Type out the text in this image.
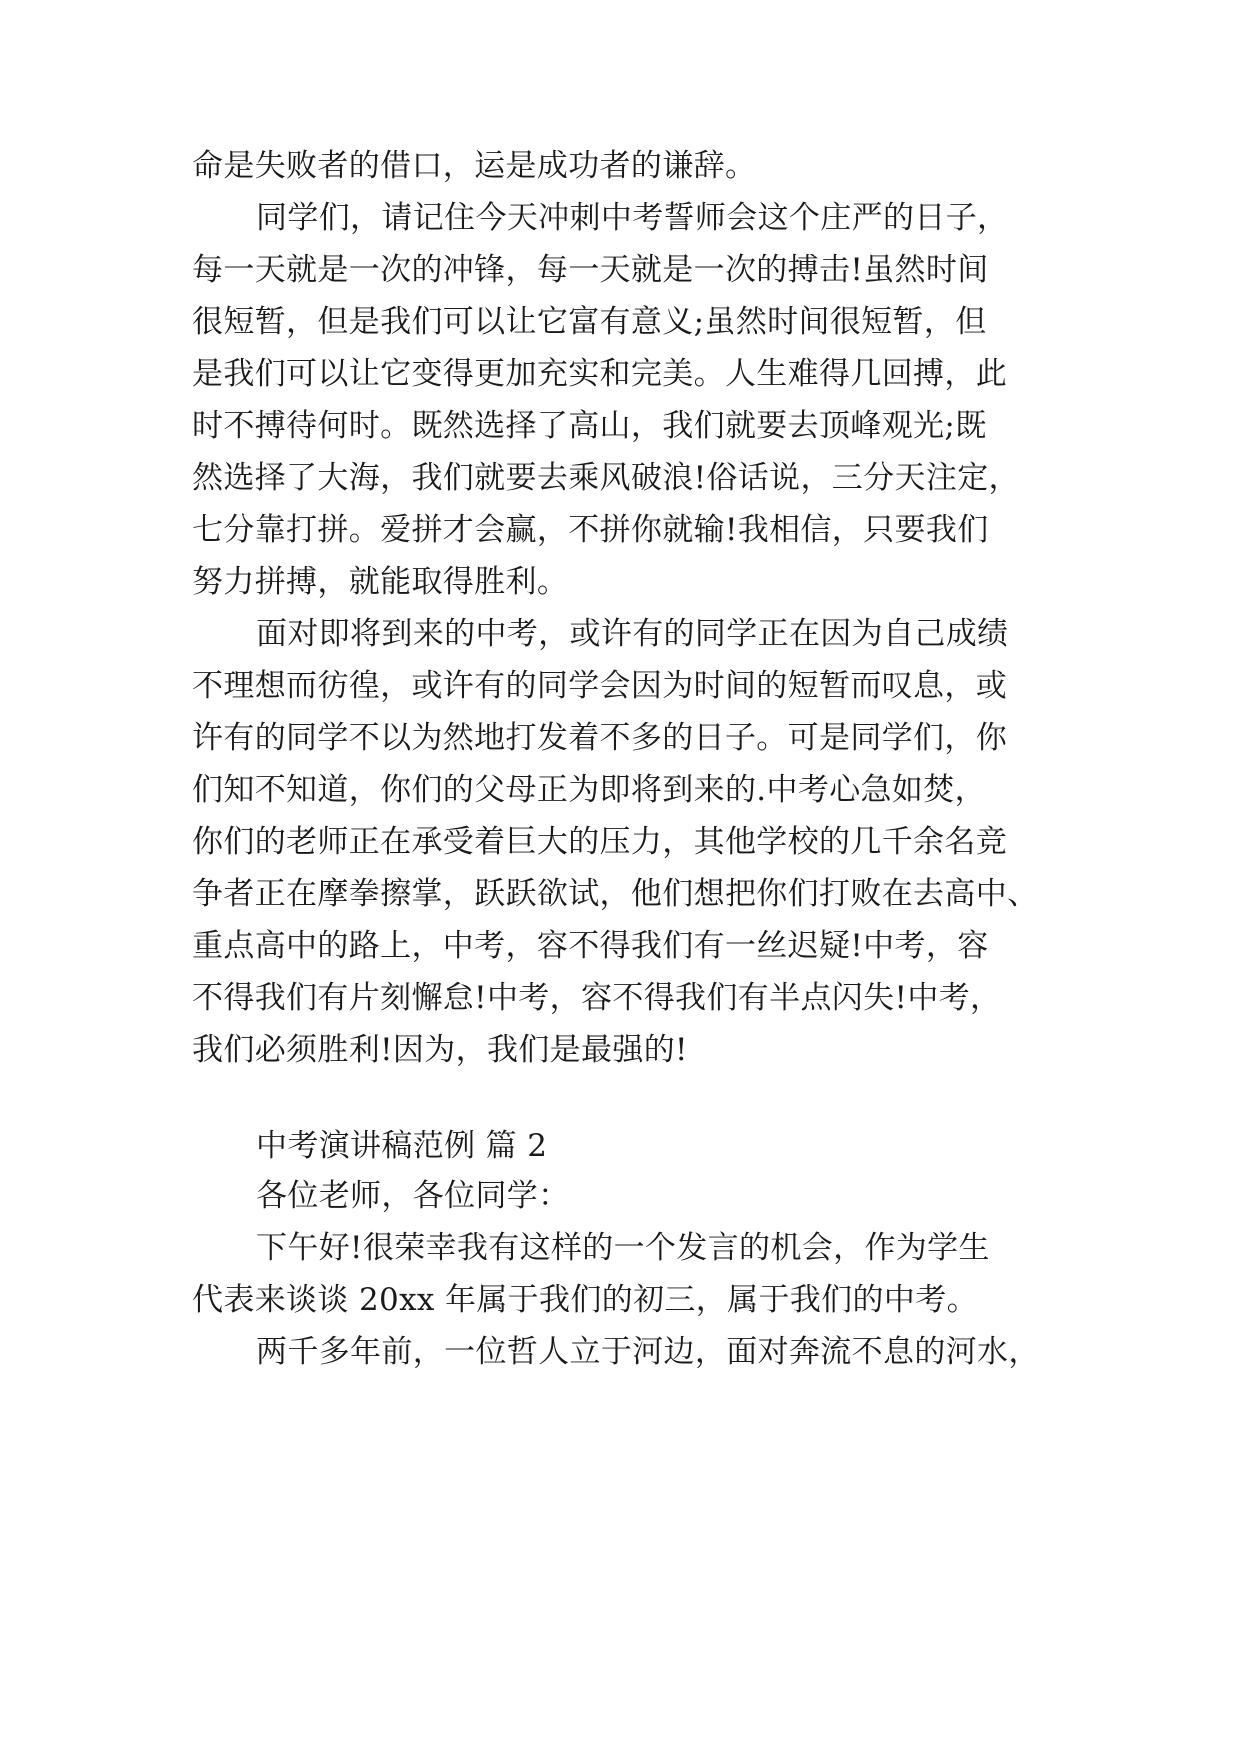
命是失败者的借口，运是成功者的谦辞。
同学们，请记住今天冲刺中考誓师会这个庄严的日子，
每一天就是一次的冲锋，每一天就是一次的搏击!虽然时间
很短暂，但是我们可以让它富有意义;虽然时间很短暂，但
是我们可以让它变得更加充实和完美。人生难得几回搏，此
时不搏待何时。既然选择了高山，我们就要去顶峰观光;既
然选择了大海，我们就要去乘风破浪!俗话说，三分天注定，
七分靠打拼。爱拼才会赢，不拼你就输!我相信，只要我们
努力拼搏，就能取得胜利。
面对即将到来的中考，或许有的同学正在因为自己成绩
不理想而彷徨，或许有的同学会因为时间的短暂而叹息，或
许有的同学不以为然地打发着不多的日子。可是同学们，你
们知不知道，你们的父母正为即将到来的.中考心急如焚，
你们的老师正在承受着巨大的压力，其他学校的几千余名竞
争者正在摩拳擦掌，跃跃欲试，他们想把你们打败在去高中、
重点高中的路上，中考，容不得我们有一丝迟疑!中考，容
不得我们有片刻懈怠!中考，容不得我们有半点闪失!中考，
我们必须胜利!因为，我们是最强的!
中考演讲稿范例 篇 2
各位老师，各位同学：
下午好!很荣幸我有这样的一个发言的机会，作为学生
代表来谈谈 20xx 年属于我们的初三，属于我们的中考。
两千多年前，一位哲人立于河边，面对奔流不息的河水，
